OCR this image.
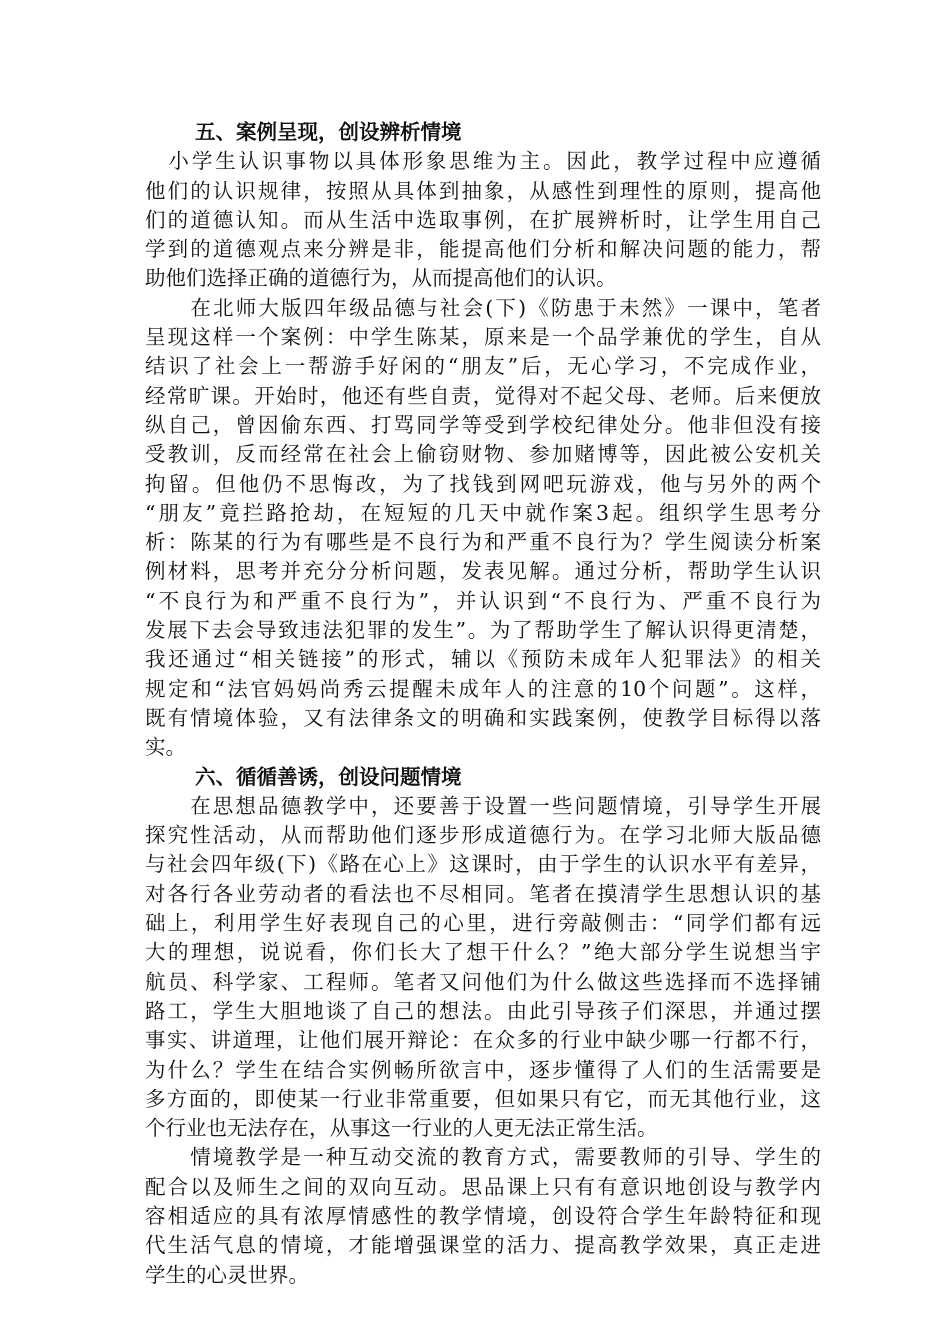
五、案例呈现，创设辨析情境
　小学生认识事物以具体形象思维为主。因此，教学过程中应遵循
他们的认识规律，按照从具体到抽象，从感性到理性的原则，提高他
们的道德认知。而从生活中选取事例，在扩展辨析时，让学生用自己
学到的道德观点来分辨是非，能提高他们分析和解决问题的能力，帮
助他们选择正确的道德行为，从而提高他们的认识。
　　在北师大版四年级品德与社会(下)《防患于未然》一课中，笔者
呈现这样一个案例：中学生陈某，原来是一个品学兼优的学生，自从
结识了社会上一帮游手好闲的“朋友”后，无心学习，不完成作业，
经常旷课。开始时，他还有些自责，觉得对不起父母、老师。后来便放
纵自己，曾因偷东西、打骂同学等受到学校纪律处分。他非但没有接
受教训，反而经常在社会上偷窃财物、参加赌博等，因此被公安机关
拘留。但他仍不思悔改，为了找钱到网吧玩游戏，他与另外的两个
“朋友”竟拦路抢劫，在短短的几天中就作案3起。组织学生思考分
析：陈某的行为有哪些是不良行为和严重不良行为？学生阅读分析案
例材料，思考并充分分析问题，发表见解。通过分析，帮助学生认识
“不良行为和严重不良行为”，并认识到“不良行为、严重不良行为
发展下去会导致违法犯罪的发生”。为了帮助学生了解认识得更清楚，
我还通过“相关链接”的形式，辅以《预防未成年人犯罪法》的相关
规定和“法官妈妈尚秀云提醒未成年人的注意的10个问题”。这样，
既有情境体验，又有法律条文的明确和实践案例，使教学目标得以落
实。
六、循循善诱，创设问题情境
　　在思想品德教学中，还要善于设置一些问题情境，引导学生开展
探究性活动，从而帮助他们逐步形成道德行为。在学习北师大版品德
与社会四年级(下)《路在心上》这课时，由于学生的认识水平有差异，
对各行各业劳动者的看法也不尽相同。笔者在摸清学生思想认识的基
础上，利用学生好表现自己的心里，进行旁敲侧击：“同学们都有远
大的理想，说说看，你们长大了想干什么？”绝大部分学生说想当宇
航员、科学家、工程师。笔者又问他们为什么做这些选择而不选择铺
路工，学生大胆地谈了自己的想法。由此引导孩子们深思，并通过摆
事实、讲道理，让他们展开辩论：在众多的行业中缺少哪一行都不行，
为什么？学生在结合实例畅所欲言中，逐步懂得了人们的生活需要是
多方面的，即使某一行业非常重要，但如果只有它，而无其他行业，这
个行业也无法存在，从事这一行业的人更无法正常生活。
　　情境教学是一种互动交流的教育方式，需要教师的引导、学生的
配合以及师生之间的双向互动。思品课上只有有意识地创设与教学内
容相适应的具有浓厚情感性的教学情境，创设符合学生年龄特征和现
代生活气息的情境，才能增强课堂的活力、提高教学效果，真正走进
学生的心灵世界。
